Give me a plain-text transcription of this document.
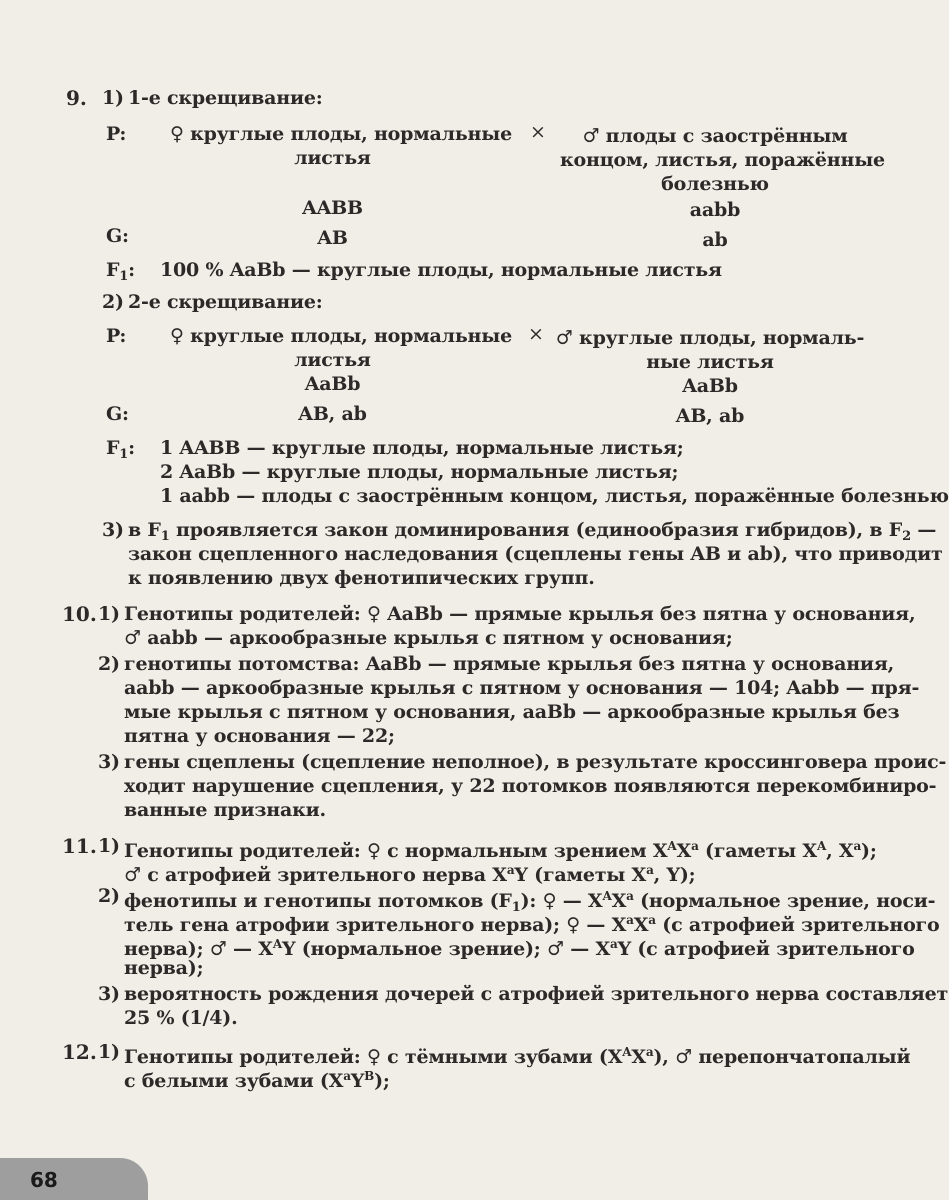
9. 1) 1-е скрещивание:
P: ♀ круглые плоды, нормальные
листья
×	♂ плоды с заострённым
концом, листья, поражённые
болезнью
AABB	aabb
G:	AB	ab
$F_1$: 100 % AaBb — круглые плоды, нормальные листья
2) 2-е скрещивание:
P: ♀ круглые плоды, нормальные
листья
× ♂ круглые плоды, нормаль-
ные листья
AaBb	AaBb
G:	AB, ab	AB, ab
$F_1$: 1 AABB — круглые плоды, нормальные листья;
2 AaBb — круглые плоды, нормальные листья;
1 aabb — плоды с заострённым концом, листья, поражённые болезнью
3) в $F_1$ проявляется закон доминирования (единообразия гибридов), в $F_2$ —
закон сцепленного наследования (сцеплены гены AB и ab), что приводит
к появлению двух фенотипических групп.
10. 1) Генотипы родителей: ♀ AaBb — прямые крылья без пятна у основания,
♂ aabb — аркообразные крылья с пятном у основания;
2) генотипы потомства: AaBb — прямые крылья без пятна у основания,
aabb — аркообразные крылья с пятном у основания — 104; Aabb — пря-
мые крылья с пятном у основания, aaBb — аркообразные крылья без
пятна у основания — 22;
3) гены сцеплены (сцепление неполное), в результате кроссинговера проис-
ходит нарушение сцепления, у 22 потомков появляются перекомбиниро-
ванные признаки.
11. 1) Генотипы родителей: ♀ с нормальным зрением $X^AX^a$ (гаметы $X^A$, $X^a$);
♂ с атрофией зрительного нерва $X^aY$ (гаметы $X^a$, Y);
2) фенотипы и генотипы потомков $(F_1)$: ♀ — $X^AX^a$ (нормальное зрение, носи-
тель гена атрофии зрительного нерва); ♀ — $X^aX^a$ (с атрофией зрительного
нерва); ♂ — $X^AY$ (нормальное зрение); ♂ — $X^aY$ (с атрофией зрительного
нерва);
3) вероятность рождения дочерей с атрофией зрительного нерва составляет
25 % (1/4).
12. 1) Генотипы родителей: ♀ с тёмными зубами $(X^AX^a)$, ♂ перепончатопалый
с белыми зубами $(X^aY^B)$;
68
